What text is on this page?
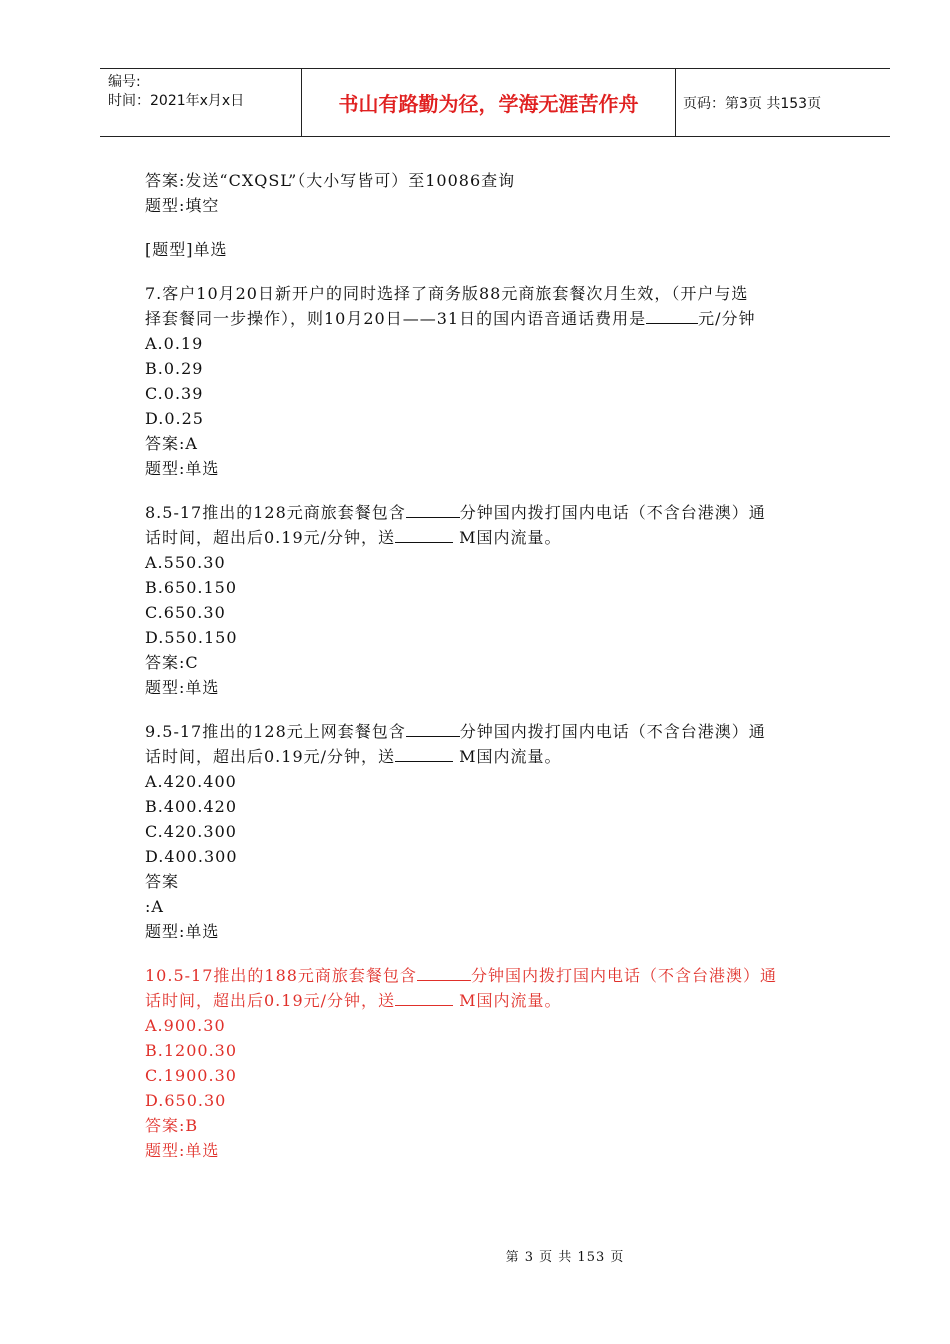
编号:
时间：2021年x月x日	书山有路勤为径，学海无涯苦作舟	页码：第3页 共153页
答案:发送“CXQSL”（大小写皆可）至10086查询
题型:填空
[题型]单选
7.客户10月20日新开户的同时选择了商务版88元商旅套餐次月生效，（开户与选
择套餐同一步操作），则10月20日——31日的国内语音通话费用是	元/分钟
A.0.19
B.0.29
C.0.39
D.0.25
答案:A
题型:单选
8.5-17推出的128元商旅套餐包含	分钟国内拨打国内电话（不含台港澳）通
话时间，超出后0.19元/分钟，送	M国内流量。
A.550.30
B.650.150
C.650.30
D.550.150
答案:C
题型:单选
9.5-17推出的128元上网套餐包含	分钟国内拨打国内电话（不含台港澳）通
话时间，超出后0.19元/分钟，送	M国内流量。
A.420.400
B.400.420
C.420.300
D.400.300
答案
:A
题型:单选
10.5-17推出的188元商旅套餐包含	分钟国内拨打国内电话（不含台港澳）通
话时间，超出后0.19元/分钟，送	M国内流量。
A.900.30
B.1200.30
C.1900.30
D.650.30
答案:B
题型:单选
第 3 页 共 153 页
